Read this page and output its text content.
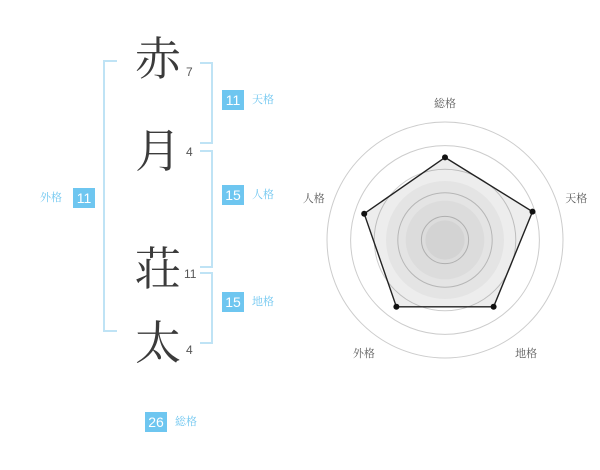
赤 7
月 4
荘 11
太 4
外格 11
11	天格
15 人格
15 地格
26 総格
総格
天格
地格
外格
人格
